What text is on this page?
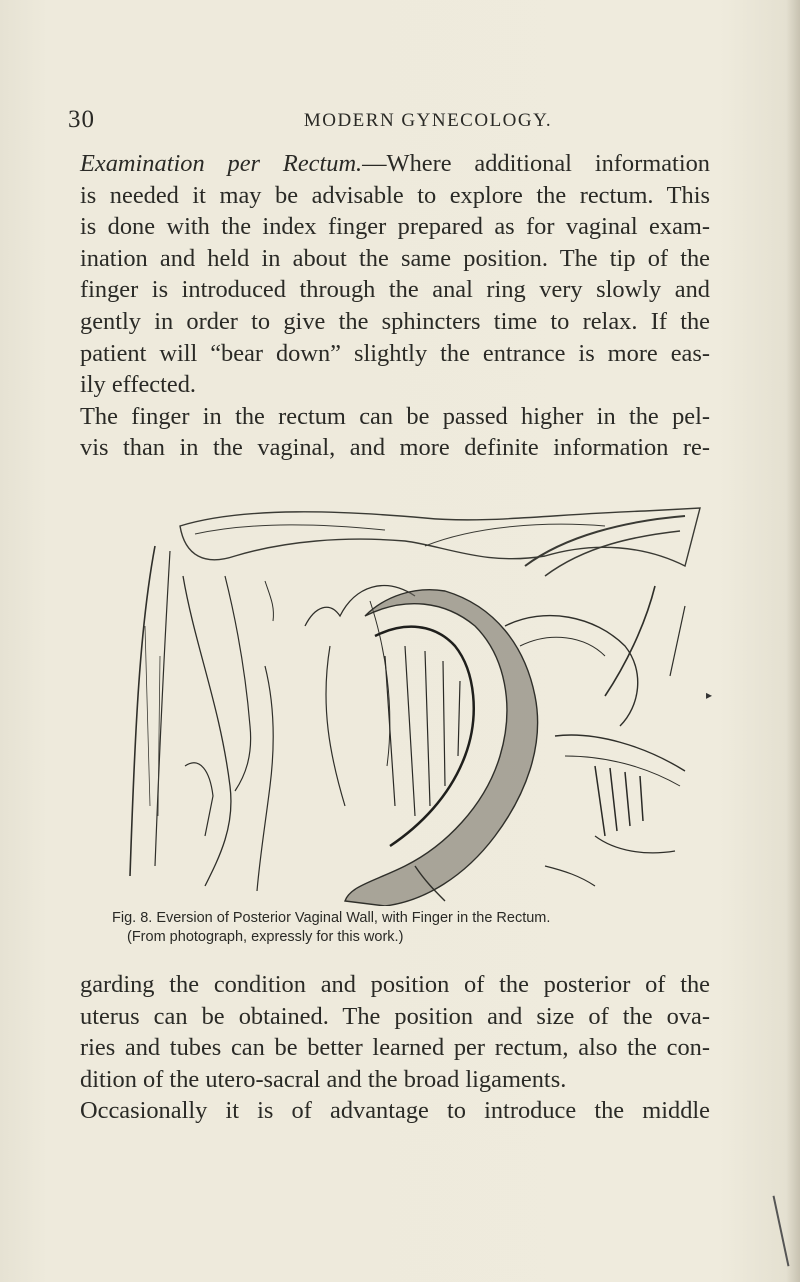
30	MODERN GYNECOLOGY.
Examination per Rectum.—Where additional information
is needed it may be advisable to explore the rectum. This
is done with the index finger prepared as for vaginal exam-
ination and held in about the same position. The tip of the
finger is introduced through the anal ring very slowly and
gently in order to give the sphincters time to relax. If the
patient will “bear down” slightly the entrance is more eas-
ily effected.
The finger in the rectum can be passed higher in the pel-
vis than in the vaginal, and more definite information re-
▸
Fig. 8. Eversion of Posterior Vaginal Wall, with Finger in the Rectum.
(From photograph, expressly for this work.)
garding the condition and position of the posterior of the
uterus can be obtained. The position and size of the ova-
ries and tubes can be better learned per rectum, also the con-
dition of the utero-sacral and the broad ligaments.
Occasionally it is of advantage to introduce the middle
